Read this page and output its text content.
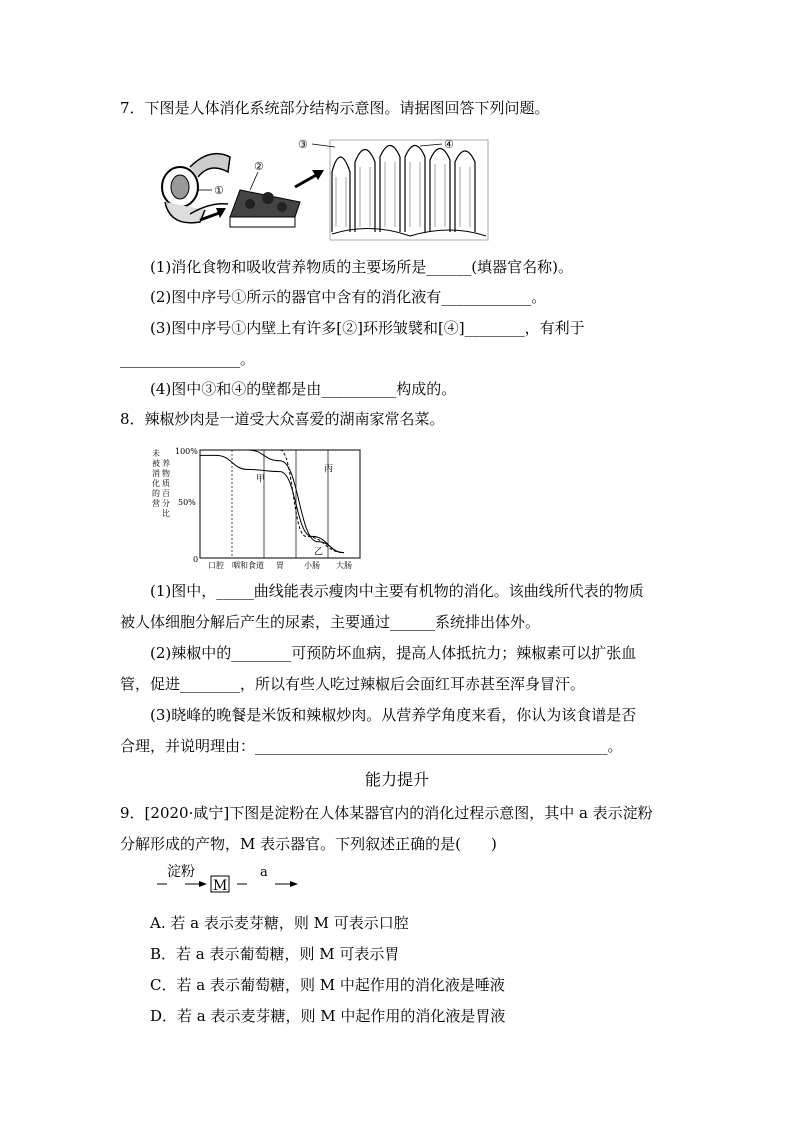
7．下图是人体消化系统部分结构示意图。请据图回答下列问题。
①
②
③	④
(1)消化食物和吸收营养物质的主要场所是______(填器官名称)。
(2)图中序号①所示的器官中含有的消化液有____________。
(3)图中序号①内壁上有许多[②]环形皱襞和[④]________，有利于
________________。
(4)图中③和④的壁都是由__________构成的。
8．辣椒炒肉是一道受大众喜爱的湖南家常名菜。
未
被
消
化
的
营
养
物
质
百
分
比
100%
50%
0
口腔 咽和食道 胃	小肠 大肠
甲
乙
丙
(1)图中，_____曲线能表示瘦肉中主要有机物的消化。该曲线所代表的物质
被人体细胞分解后产生的尿素，主要通过______系统排出体外。
(2)辣椒中的________可预防坏血病，提高人体抵抗力；辣椒素可以扩张血
管，促进________，所以有些人吃过辣椒后会面红耳赤甚至浑身冒汗。
(3)晓峰的晚餐是米饭和辣椒炒肉。从营养学角度来看，你认为该食谱是否
合理，并说明理由：_______________________________________________。
能力提升
9．[2020·咸宁]下图是淀粉在人体某器官内的消化过程示意图，其中 a 表示淀粉
分解形成的产物，M 表示器官。下列叙述正确的是(　　)
淀粉
M
a
A. 若 a 表示麦芽糖，则 M 可表示口腔
B．若 a 表示葡萄糖，则 M 可表示胃
C．若 a 表示葡萄糖，则 M 中起作用的消化液是唾液
D．若 a 表示麦芽糖，则 M 中起作用的消化液是胃液
